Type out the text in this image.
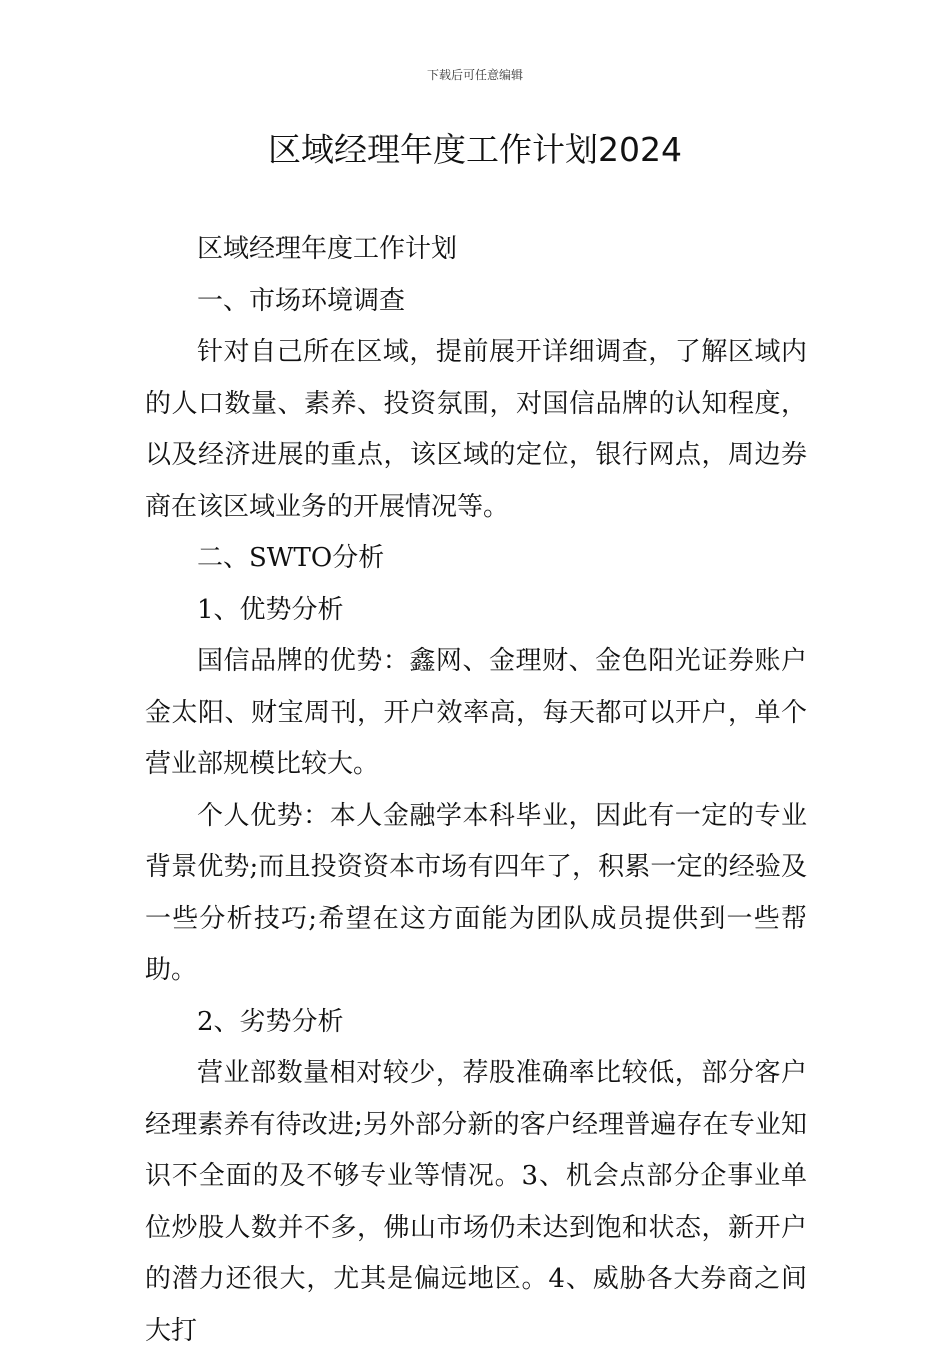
下载后可任意编辑
区域经理年度工作计划2024

区域经理年度工作计划

一、市场环境调查

针对自己所在区域，提前展开详细调查，了解区域内的人口数量、素养、投资氛围，对国信品牌的认知程度，以及经济进展的重点，该区域的定位，银行网点，周边券商在该区域业务的开展情况等。

二、SWTO分析

1、优势分析

国信品牌的优势：鑫网、金理财、金色阳光证券账户金太阳、财宝周刊，开户效率高，每天都可以开户，单个营业部规模比较大。

个人优势：本人金融学本科毕业，因此有一定的专业背景优势;而且投资资本市场有四年了，积累一定的经验及一些分析技巧;希望在这方面能为团队成员提供到一些帮助。

2、劣势分析

营业部数量相对较少，荐股准确率比较低，部分客户经理素养有待改进;另外部分新的客户经理普遍存在专业知识不全面的及不够专业等情况。3、机会点部分企事业单位炒股人数并不多，佛山市场仍未达到饱和状态，新开户的潜力还很大，尤其是偏远地区。4、威胁各大券商之间大打
